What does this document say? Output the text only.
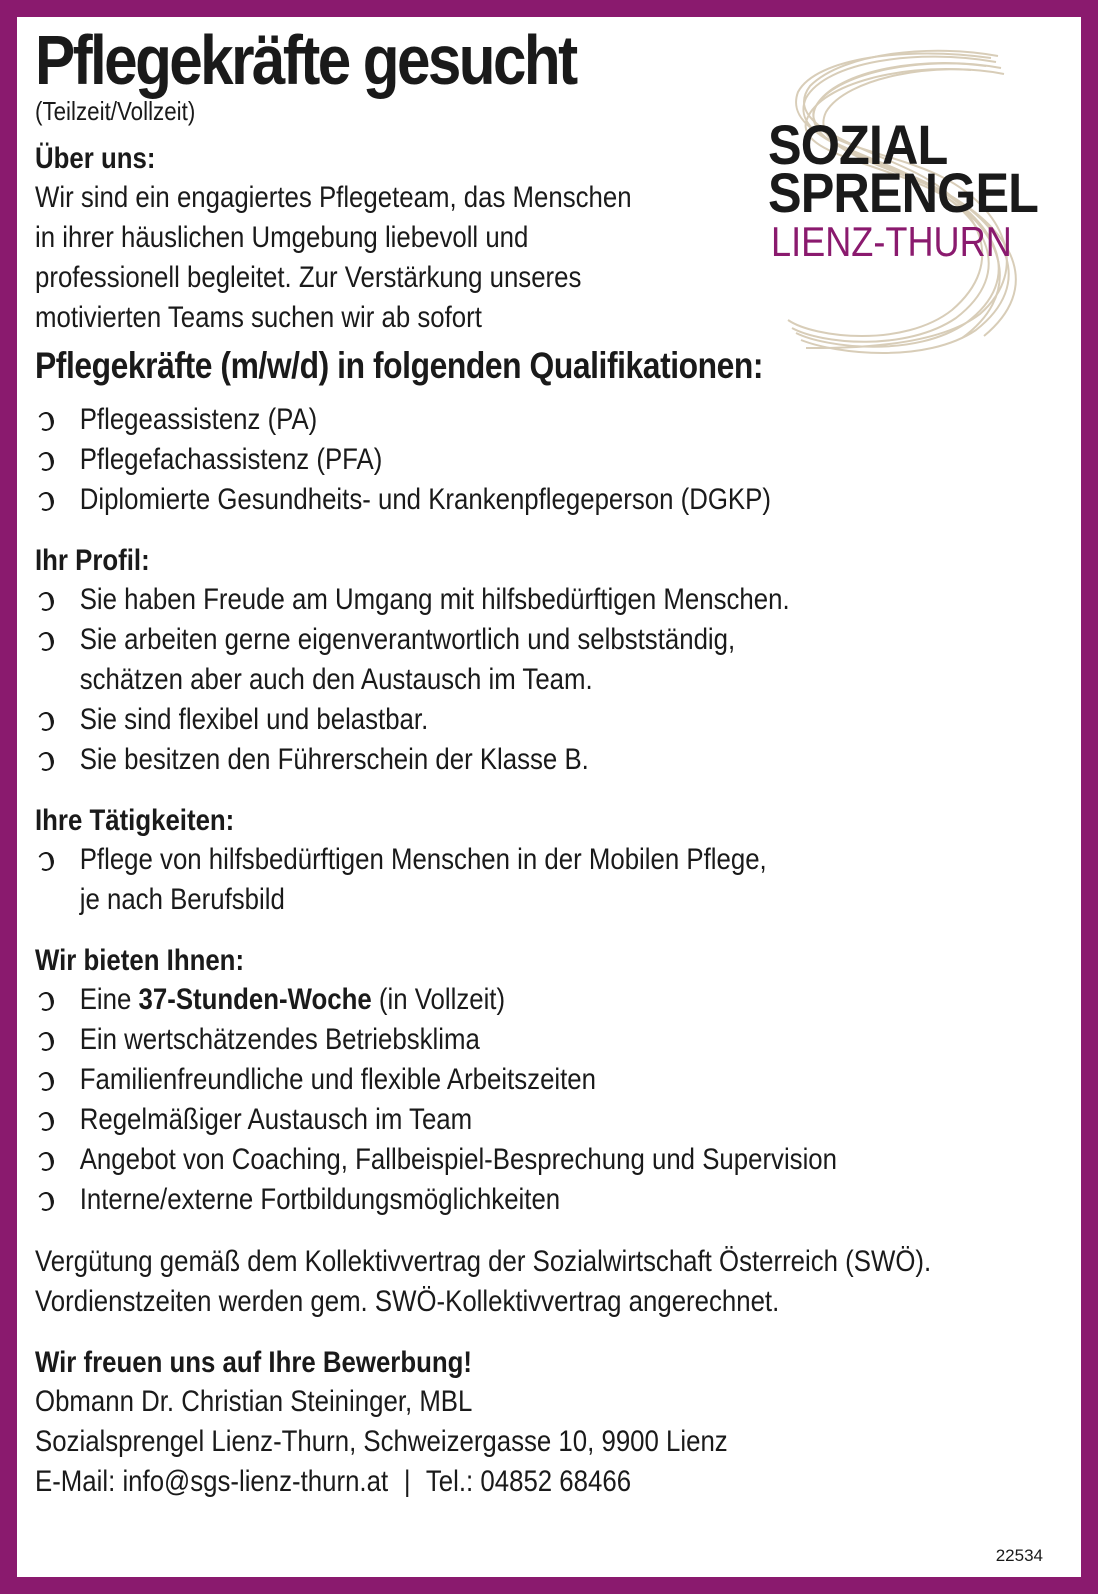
SOZIAL
SPRENGEL
LIENZ-THURN
Pflegekräfte gesucht
(Teilzeit/Vollzeit)
Über uns:
Wir sind ein engagiertes Pflegeteam, das Menschen
in ihrer häuslichen Umgebung liebevoll und
professionell begleitet. Zur Verstärkung unseres
motivierten Teams suchen wir ab sofort
Pflegekräfte (m/w/d) in folgenden Qualifikationen:
Pflegeassistenz (PA)
Pflegefachassistenz (PFA)
Diplomierte Gesundheits- und Krankenpflegeperson (DGKP)
Ihr Profil:
Sie haben Freude am Umgang mit hilfsbedürftigen Menschen.
Sie arbeiten gerne eigenverantwortlich und selbstständig,
schätzen aber auch den Austausch im Team.
Sie sind flexibel und belastbar.
Sie besitzen den Führerschein der Klasse B.
Ihre Tätigkeiten:
Pflege von hilfsbedürftigen Menschen in der Mobilen Pflege,
je nach Berufsbild
Wir bieten Ihnen:
Eine 37-Stunden-Woche (in Vollzeit)
Ein wertschätzendes Betriebsklima
Familienfreundliche und flexible Arbeitszeiten
Regelmäßiger Austausch im Team
Angebot von Coaching, Fallbeispiel-Besprechung und Supervision
Interne/externe Fortbildungsmöglichkeiten
Vergütung gemäß dem Kollektivvertrag der Sozialwirtschaft Österreich (SWÖ).
Vordienstzeiten werden gem. SWÖ-Kollektivvertrag angerechnet.
Wir freuen uns auf Ihre Bewerbung!
Obmann Dr. Christian Steininger, MBL
Sozialsprengel Lienz-Thurn, Schweizergasse 10, 9900 Lienz
E-Mail: info@sgs-lienz-thurn.at | Tel.: 04852 68466
22534
